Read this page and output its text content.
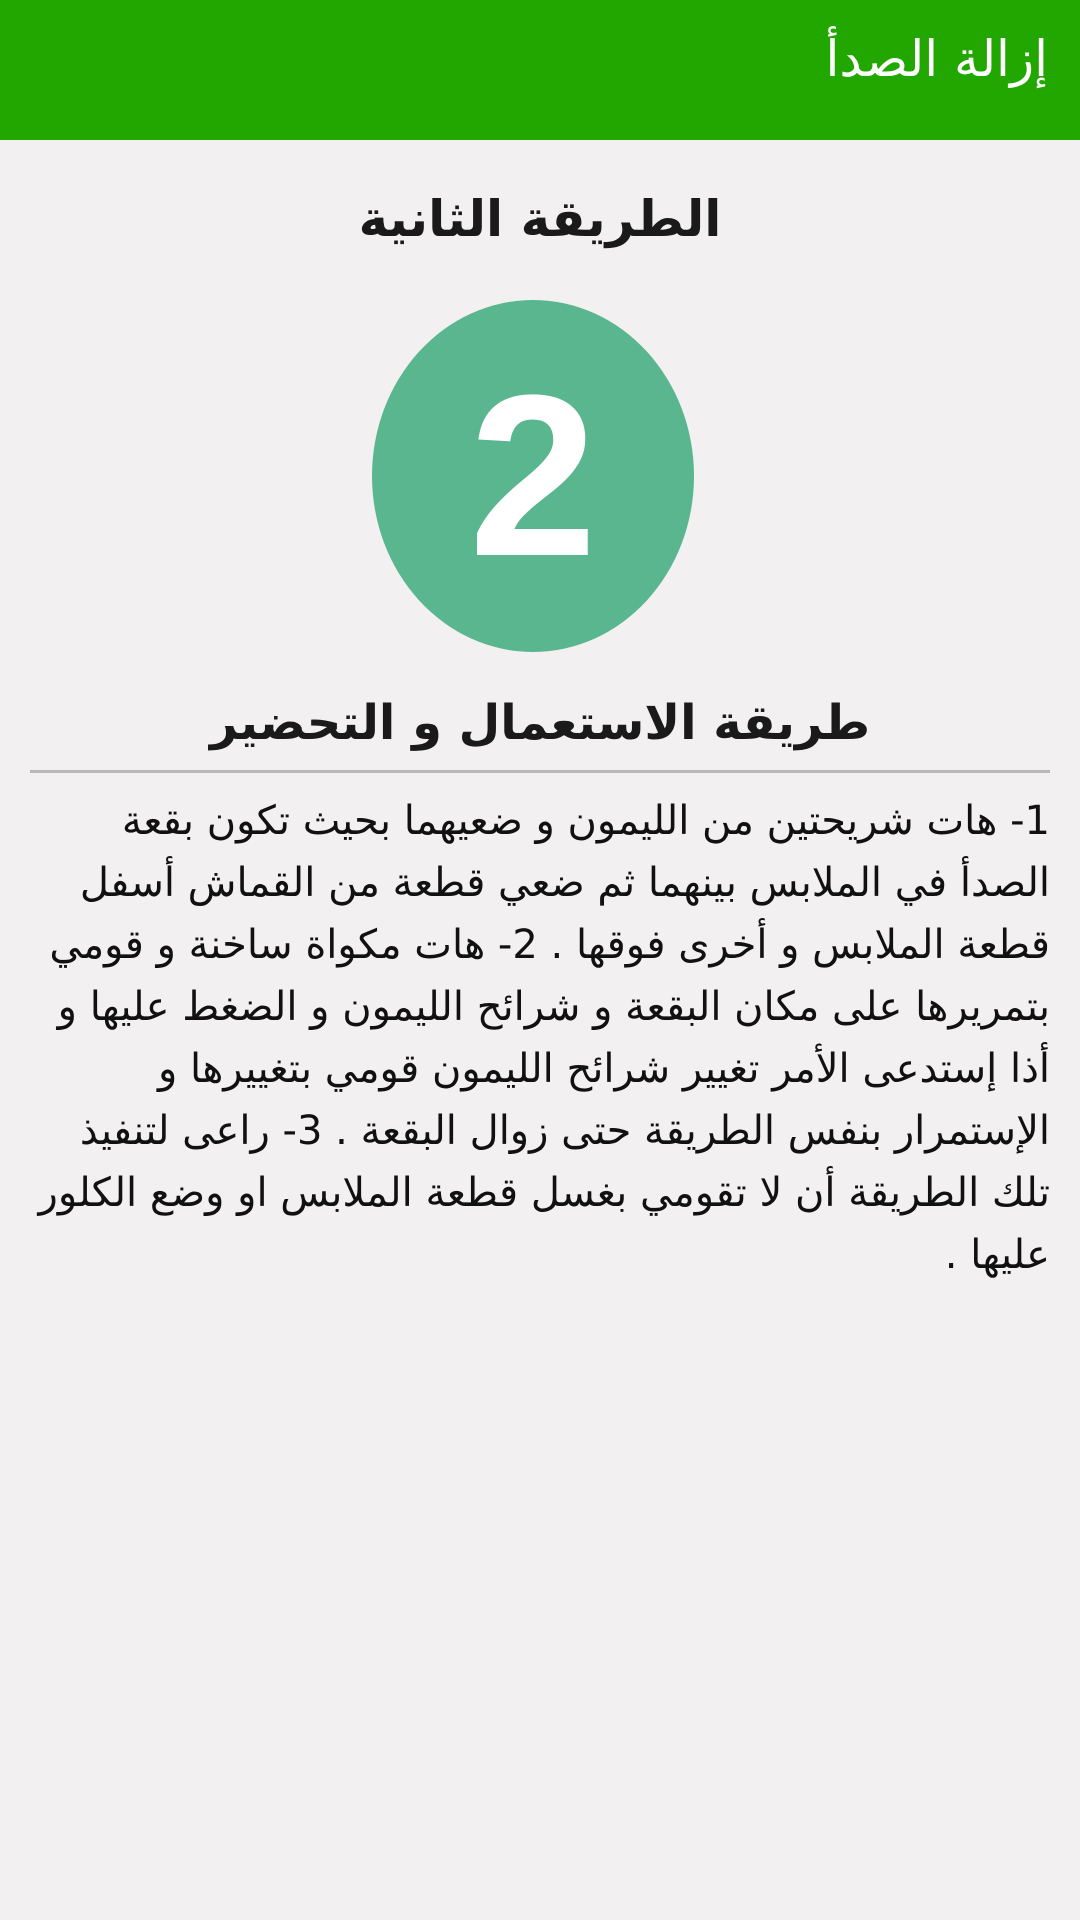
إزالة الصدأ
الطريقة الثانية
2
طريقة الاستعمال و التحضير
1- هات شريحتين من الليمون و ضعيهما بحيث تكون بقعة الصدأ في الملابس بينهما ثم ضعي قطعة من القماش أسفل قطعة الملابس و أخرى فوقها . 2- هات مكواة ساخنة و قومي بتمريرها على مكان البقعة و شرائح الليمون و الضغط عليها و أذا إستدعى الأمر تغيير شرائح الليمون قومي بتغييرها و الإستمرار بنفس الطريقة حتى زوال البقعة . 3- راعى لتنفيذ تلك الطريقة أن لا تقومي بغسل قطعة الملابس او وضع الكلور عليها .
